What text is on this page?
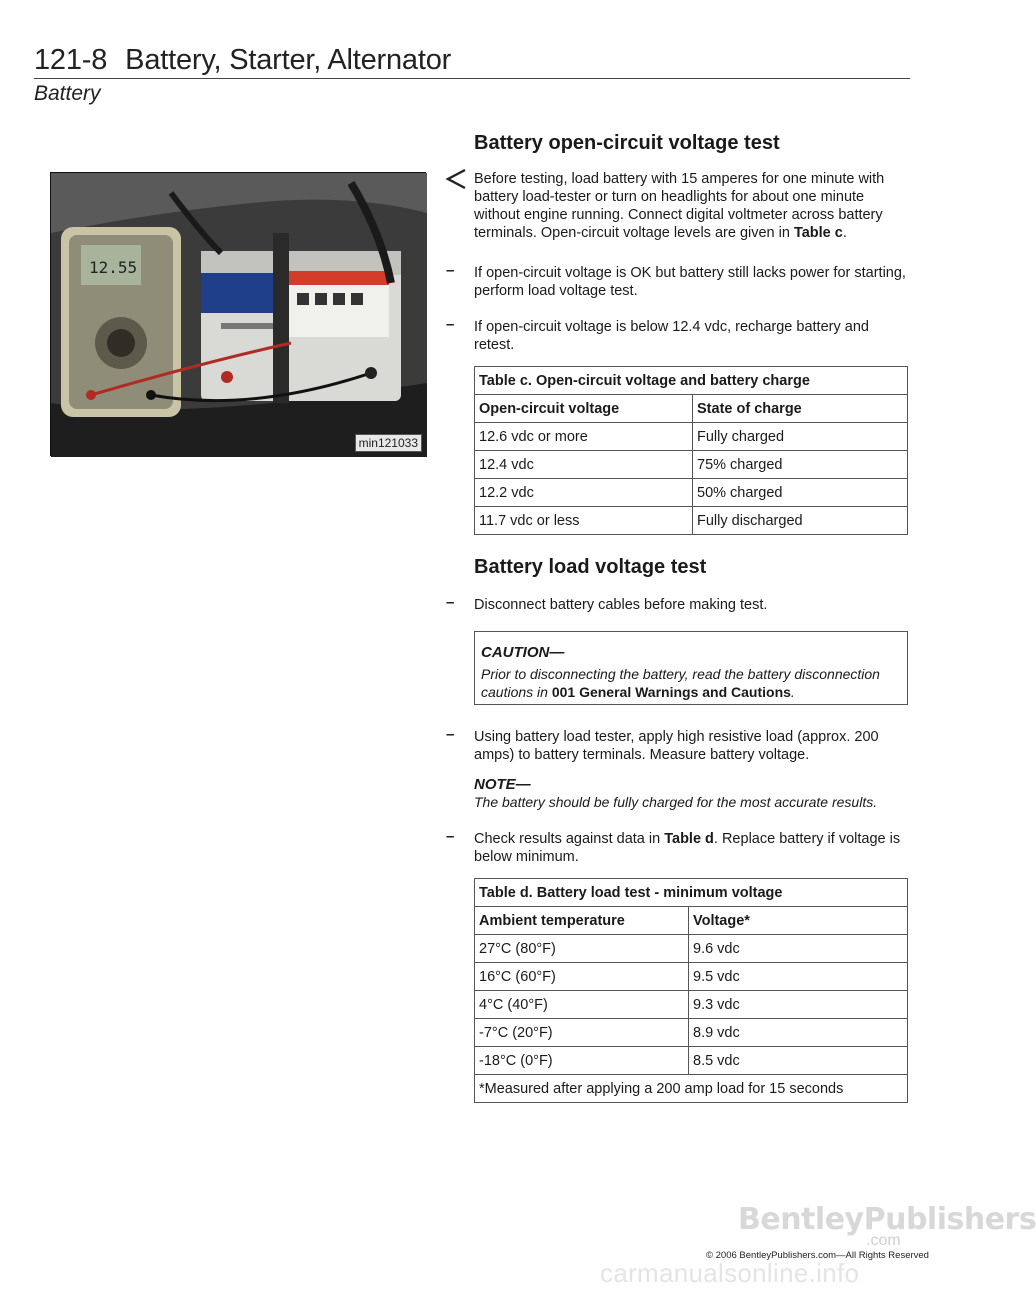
121-8 Battery, Starter, Alternator
Battery
12.55
min121033
Battery open-circuit voltage test
Before testing, load battery with 15 amperes for one minute with battery load-tester or turn on headlights for about one minute without engine running. Connect digital voltmeter across battery terminals. Open-circuit voltage levels are given in Table c.
– If open-circuit voltage is OK but battery still lacks power for starting, perform load voltage test.
– If open-circuit voltage is below 12.4 vdc, recharge battery and retest.
Table c. Open-circuit voltage and battery charge	
Open-circuit voltage	State of charge
12.6 vdc or more	Fully charged
12.4 vdc	75% charged
12.2 vdc	50% charged
11.7 vdc or less	Fully discharged
Battery load voltage test
– Disconnect battery cables before making test.
CAUTION—
Prior to disconnecting the battery, read the battery disconnection cautions in 001 General Warnings and Cautions.
– Using battery load tester, apply high resistive load (approx. 200 amps) to battery terminals. Measure battery voltage.
NOTE—
The battery should be fully charged for the most accurate results.
– Check results against data in Table d. Replace battery if voltage is below minimum.
Table d. Battery load test - minimum voltage	
Ambient temperature	Voltage*
27°C (80°F)	9.6 vdc
16°C (60°F)	9.5 vdc
4°C (40°F)	9.3 vdc
-7°C (20°F)	8.9 vdc
-18°C (0°F)	8.5 vdc
*Measured after applying a 200 amp load for 15 seconds	
BentleyPublishers
.com
© 2006 BentleyPublishers.com—All Rights Reserved
carmanualsonline.info
